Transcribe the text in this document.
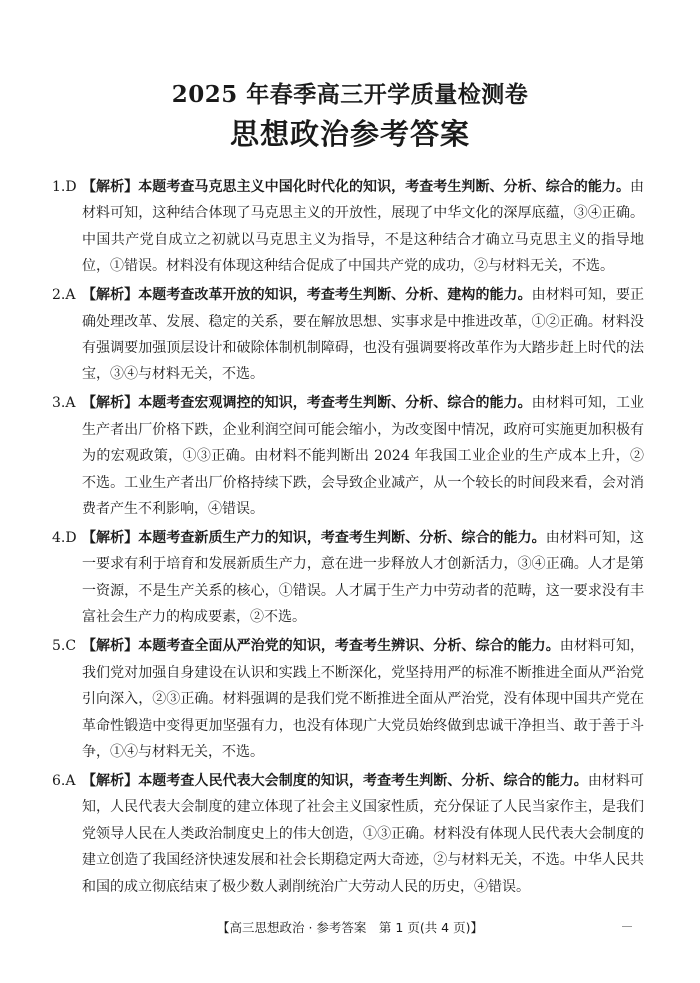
2025 年春季高三开学质量检测卷
思想政治参考答案

1.D 【解析】本题考查马克思主义中国化时代化的知识，考查考生判断、分析、综合的能力。由材料可知，这种结合体现了马克思主义的开放性，展现了中华文化的深厚底蕴，③④正确。中国共产党自成立之初就以马克思主义为指导，不是这种结合才确立马克思主义的指导地位，①错误。材料没有体现这种结合促成了中国共产党的成功，②与材料无关，不选。

2.A 【解析】本题考查改革开放的知识，考查考生判断、分析、建构的能力。由材料可知，要正确处理改革、发展、稳定的关系，要在解放思想、实事求是中推进改革，①②正确。材料没有强调要加强顶层设计和破除体制机制障碍，也没有强调要将改革作为大踏步赶上时代的法宝，③④与材料无关，不选。

3.A 【解析】本题考查宏观调控的知识，考查考生判断、分析、综合的能力。由材料可知，工业生产者出厂价格下跌，企业利润空间可能会缩小，为改变图中情况，政府可实施更加积极有为的宏观政策，①③正确。由材料不能判断出 2024 年我国工业企业的生产成本上升，②不选。工业生产者出厂价格持续下跌，会导致企业减产，从一个较长的时间段来看，会对消费者产生不利影响，④错误。

4.D 【解析】本题考查新质生产力的知识，考查考生判断、分析、综合的能力。由材料可知，这一要求有利于培育和发展新质生产力，意在进一步释放人才创新活力，③④正确。人才是第一资源，不是生产关系的核心，①错误。人才属于生产力中劳动者的范畴，这一要求没有丰富社会生产力的构成要素，②不选。

5.C 【解析】本题考查全面从严治党的知识，考查考生辨识、分析、综合的能力。由材料可知，我们党对加强自身建设在认识和实践上不断深化，党坚持用严的标准不断推进全面从严治党引向深入，②③正确。材料强调的是我们党不断推进全面从严治党，没有体现中国共产党在革命性锻造中变得更加坚强有力，也没有体现广大党员始终做到忠诚干净担当、敢于善于斗争，①④与材料无关，不选。

6.A 【解析】本题考查人民代表大会制度的知识，考查考生判断、分析、综合的能力。由材料可知，人民代表大会制度的建立体现了社会主义国家性质，充分保证了人民当家作主，是我们党领导人民在人类政治制度史上的伟大创造，①③正确。材料没有体现人民代表大会制度的建立创造了我国经济快速发展和社会长期稳定两大奇迹，②与材料无关，不选。中华人民共和国的成立彻底结束了极少数人剥削统治广大劳动人民的历史，④错误。

【高三思想政治 · 参考答案　第 1 页(共 4 页)】
